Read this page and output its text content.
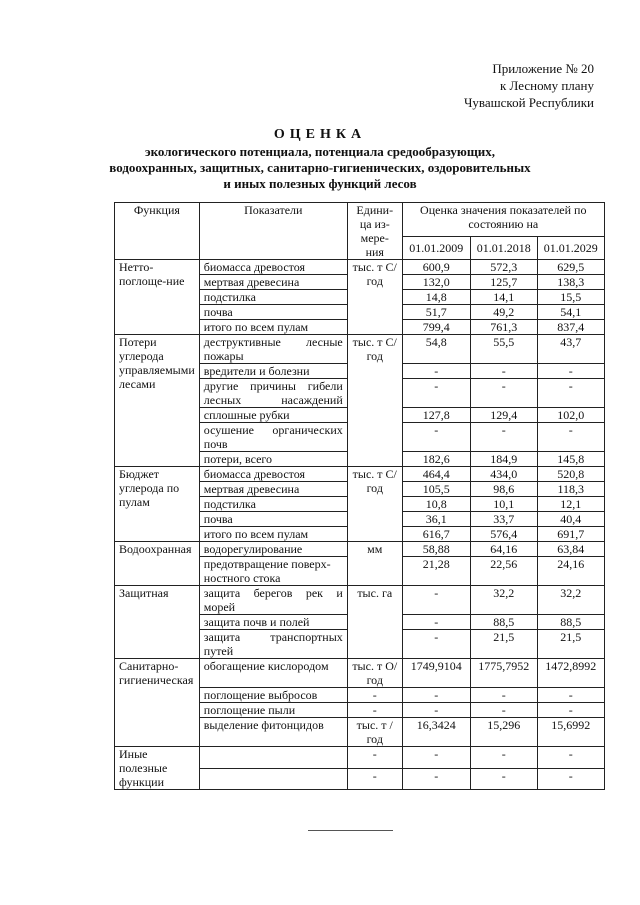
Приложение № 20
к Лесному плану
Чувашской Республики
ОЦЕНКА
экологического потенциала, потенциала средообразующих,
водоохранных, защитных, санитарно-гигиенических, оздоровительных
и иных полезных функций лесов
Функция	Показатели	Едини-ца из-мере-ния	Оценка значения показателей по состоянию на		
			01.01.2009	01.01.2018	01.01.2029
Нетто-поглоще-ние	биомасса древостоя	тыс. т С/год	600,9	572,3	629,5
	мертвая древесина		132,0	125,7	138,3
	подстилка		14,8	14,1	15,5
	почва		51,7	49,2	54,1
	итого по всем пулам		799,4	761,3	837,4
Потери углерода управляемыми лесами	деструктивные лесные пожары	тыс. т С/год	54,8	55,5	43,7
	вредители и болезни		-	-	-
	другие причины гибели лесных насаждений		-	-	-
	сплошные рубки		127,8	129,4	102,0
	осушение органических почв		-	-	-
	потери, всего		182,6	184,9	145,8
Бюджет углерода по пулам	биомасса древостоя	тыс. т С/год	464,4	434,0	520,8
	мертвая древесина		105,5	98,6	118,3
	подстилка		10,8	10,1	12,1
	почва		36,1	33,7	40,4
	итого по всем пулам		616,7	576,4	691,7
Водоохранная	водорегулирование	мм	58,88	64,16	63,84
	предотвращение поверх-ностного стока		21,28	22,56	24,16
Защитная	защита берегов рек и морей	тыс. га	-	32,2	32,2
	защита почв и полей		-	88,5	88,5
	защита транспортных путей		-	21,5	21,5
Санитарно-гигиеническая	обогащение кислородом	тыс. т О/год	1749,9104	1775,7952	1472,8992
	поглощение выбросов	-	-	-	-
	поглощение пыли	-	-	-	-
	выделение фитонцидов	тыс. т /год	16,3424	15,296	15,6992
Иные полезные функции		-	-	-	-
		-	-	-	-
